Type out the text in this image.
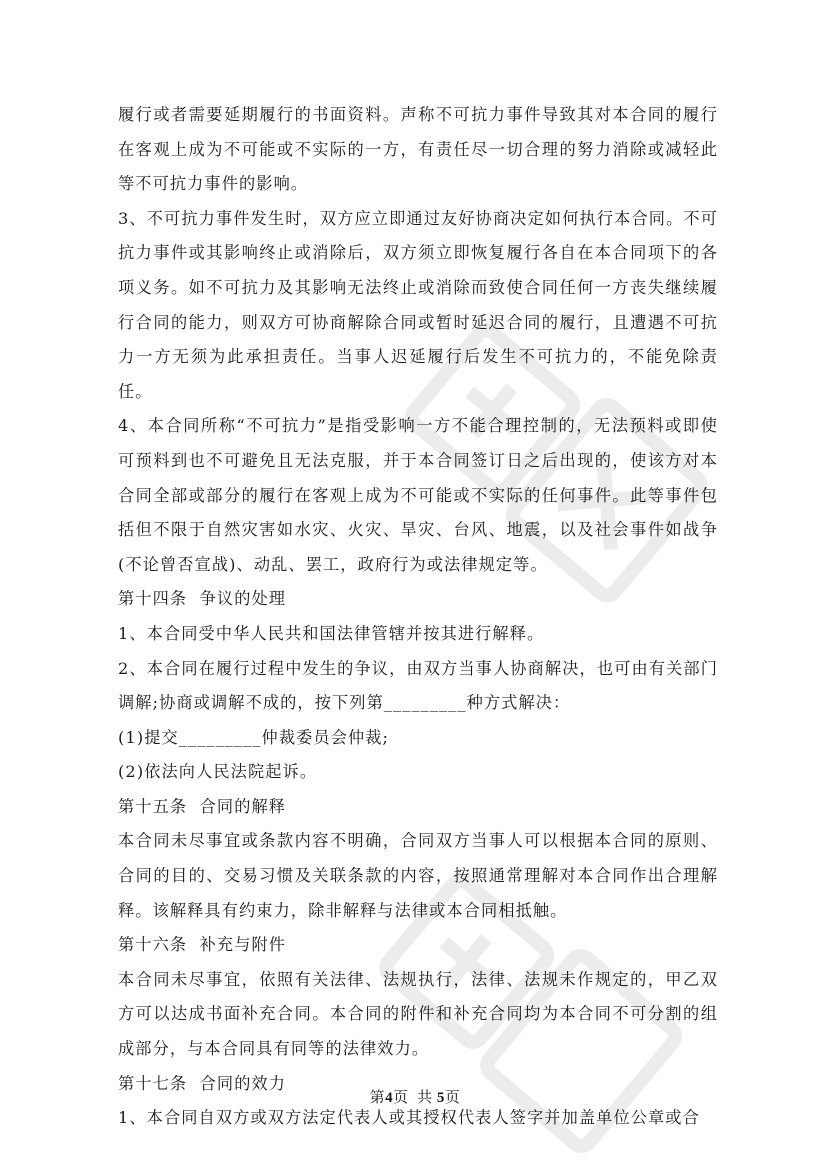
履行或者需要延期履行的书面资料。声称不可抗力事件导致其对本合同的履行在客观上成为不可能或不实际的一方，有责任尽一切合理的努力消除或减轻此等不可抗力事件的影响。

3、不可抗力事件发生时，双方应立即通过友好协商决定如何执行本合同。不可抗力事件或其影响终止或消除后，双方须立即恢复履行各自在本合同项下的各项义务。如不可抗力及其影响无法终止或消除而致使合同任何一方丧失继续履行合同的能力，则双方可协商解除合同或暂时延迟合同的履行，且遭遇不可抗力一方无须为此承担责任。当事人迟延履行后发生不可抗力的，不能免除责任。

4、本合同所称“不可抗力”是指受影响一方不能合理控制的，无法预料或即使可预料到也不可避免且无法克服，并于本合同签订日之后出现的，使该方对本合同全部或部分的履行在客观上成为不可能或不实际的任何事件。此等事件包括但不限于自然灾害如水灾、火灾、旱灾、台风、地震，以及社会事件如战争(不论曾否宣战)、动乱、罢工，政府行为或法律规定等。

第十四条  争议的处理

1、本合同受中华人民共和国法律管辖并按其进行解释。

2、本合同在履行过程中发生的争议，由双方当事人协商解决，也可由有关部门调解;协商或调解不成的，按下列第_________种方式解决：

(1)提交_________仲裁委员会仲裁;

(2)依法向人民法院起诉。

第十五条  合同的解释

本合同未尽事宜或条款内容不明确，合同双方当事人可以根据本合同的原则、合同的目的、交易习惯及关联条款的内容，按照通常理解对本合同作出合理解释。该解释具有约束力，除非解释与法律或本合同相抵触。

第十六条  补充与附件

本合同未尽事宜，依照有关法律、法规执行，法律、法规未作规定的，甲乙双方可以达成书面补充合同。本合同的附件和补充合同均为本合同不可分割的组成部分，与本合同具有同等的法律效力。

第十七条  合同的效力

1、本合同自双方或双方法定代表人或其授权代表人签字并加盖单位公章或合

第4页  共 5页
